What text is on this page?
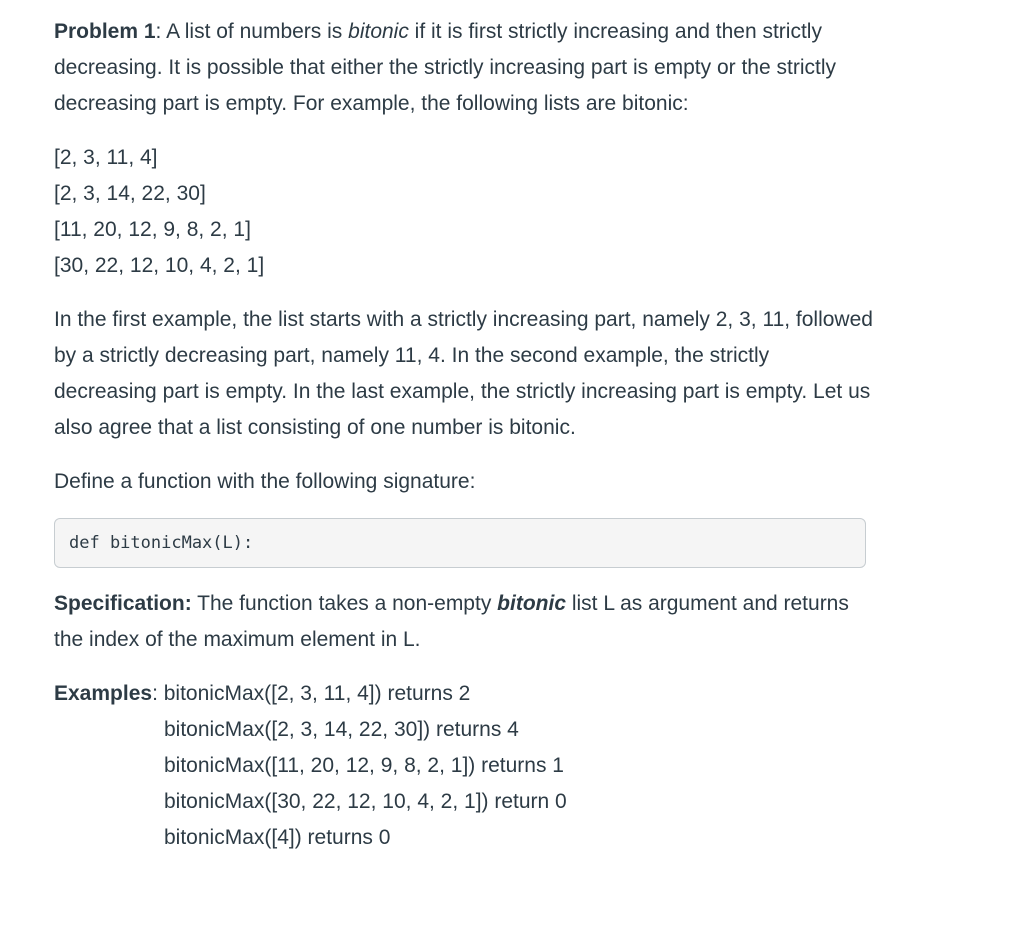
Problem 1: A list of numbers is bitonic if it is first strictly increasing and then strictly decreasing. It is possible that either the strictly increasing part is empty or the strictly decreasing part is empty. For example, the following lists are bitonic:

[2, 3, 11, 4]
[2, 3, 14, 22, 30]
[11, 20, 12, 9, 8, 2, 1]
[30, 22, 12, 10, 4, 2, 1]

In the first example, the list starts with a strictly increasing part, namely 2, 3, 11, followed by a strictly decreasing part, namely 11, 4. In the second example, the strictly decreasing part is empty. In the last example, the strictly increasing part is empty. Let us also agree that a list consisting of one number is bitonic.

Define a function with the following signature:

def bitonicMax(L):

Specification: The function takes a non-empty bitonic list L as argument and returns the index of the maximum element in L.

Examples: bitonicMax([2, 3, 11, 4]) returns 2
bitonicMax([2, 3, 14, 22, 30]) returns 4
bitonicMax([11, 20, 12, 9, 8, 2, 1]) returns 1
bitonicMax([30, 22, 12, 10, 4, 2, 1]) return 0
bitonicMax([4]) returns 0
